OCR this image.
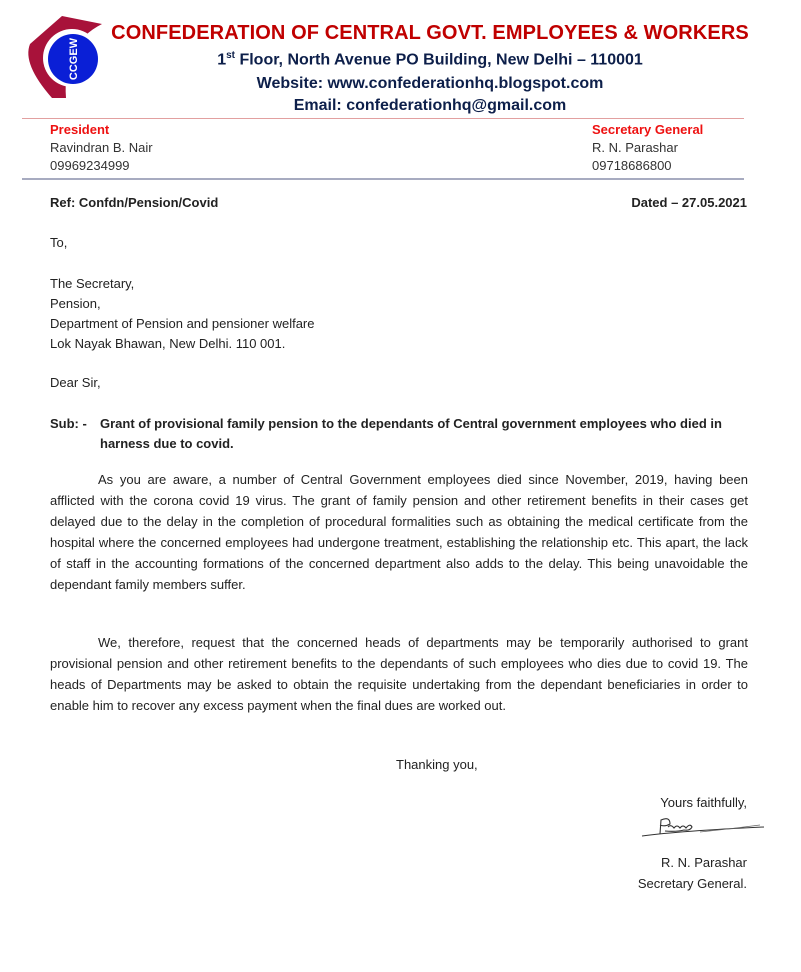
CCGEW
CONFEDERATION OF CENTRAL GOVT. EMPLOYEES & WORKERS
1st Floor, North Avenue PO Building, New Delhi – 110001
Website: www.confederationhq.blogspot.com
Email: confederationhq@gmail.com
President
Ravindran B. Nair
09969234999
Secretary General
R. N. Parashar
09718686800
Ref: Confdn/Pension/Covid	Dated – 27.05.2021
To,
The Secretary,
Pension,
Department of Pension and pensioner welfare
Lok Nayak Bhawan, New Delhi. 110 001.
Dear Sir,
Sub: -	Grant of provisional family pension to the dependants of Central government employees who died in harness due to covid.
As you are aware, a number of Central Government employees died since November, 2019, having been afflicted with the corona covid 19 virus. The grant of family pension and other retirement benefits in their cases get delayed due to the delay in the completion of procedural formalities such as obtaining the medical certificate from the hospital where the concerned employees had undergone treatment, establishing the relationship etc. This apart, the lack of staff in the accounting formations of the concerned department also adds to the delay. This being unavoidable the dependant family members suffer.
We, therefore, request that the concerned heads of departments may be temporarily authorised to grant provisional pension and other retirement benefits to the dependants of such employees who dies due to covid 19. The heads of Departments may be asked to obtain the requisite undertaking from the dependant beneficiaries in order to enable him to recover any excess payment when the final dues are worked out.
Thanking you,
Yours faithfully,
R. N. Parashar
Secretary General.
